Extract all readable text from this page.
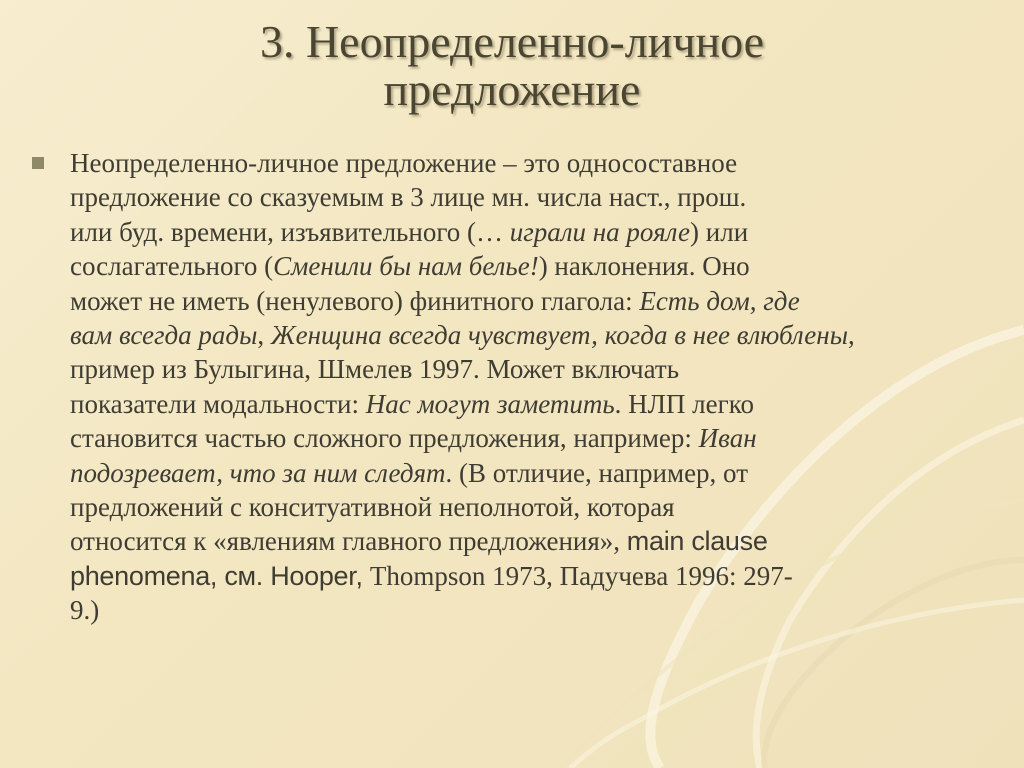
3. Неопределенно-личное
предложение
Неопределенно-личное предложение – это односоставное
предложение со сказуемым в 3 лице мн. числа наст., прош.
или буд. времени, изъявительного (… играли на рояле) или
сослагательного (Сменили бы нам белье!) наклонения. Оно
может не иметь (ненулевого) финитного глагола: Есть дом, где
вам всегда рады, Женщина всегда чувствует, когда в нее влюблены,
пример из Булыгина, Шмелев 1997. Может включать
показатели модальности: Нас могут заметить. НЛП легко
становится частью сложного предложения, например: Иван
подозревает, что за ним следят. (В отличие, например, от
предложений с конситуативной неполнотой, которая
относится к «явлениям главного предложения», main clause
phenomena, см. Hooper, Thompson 1973, Падучева 1996: 297-
9.)
